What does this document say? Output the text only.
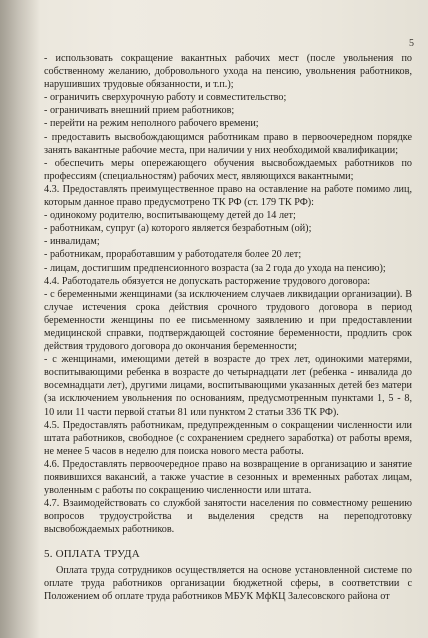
5

- использовать сокращение вакантных рабочих мест (после увольнения по собственному желанию, добровольного ухода на пенсию, увольнения работников, нарушивших трудовые обязанности, и т.п.);

- ограничить сверхурочную работу и совместительство;

- ограничивать внешний прием работников;

- перейти на режим неполного рабочего времени;

- предоставить высвобождающимся работникам право в первоочередном порядке занять вакантные рабочие места, при наличии у них необходимой квалификации;

- обеспечить меры опережающего обучения высвобождаемых работников по профессиям (специальностям) рабочих мест, являющихся вакантными;

4.3. Предоставлять преимущественное право на оставление на работе помимо лиц, которым данное право предусмотрено ТК РФ (ст. 179 ТК РФ):

- одинокому родителю, воспитывающему детей до 14 лет;

- работникам, супруг (а) которого является безработным (ой);

- инвалидам;

- работникам, проработавшим у работодателя более 20 лет;

- лицам, достигшим предпенсионного возраста (за 2 года до ухода на пенсию);

4.4. Работодатель обязуется не допускать расторжение трудового договора:

- с беременными женщинами (за исключением случаев ликвидации организации). В случае истечения срока действия срочного трудового договора в период беременности женщины по ее письменному заявлению и при предоставлении медицинской справки, подтверждающей состояние беременности, продлить срок действия трудового договора до окончания беременности;

- с женщинами, имеющими детей в возрасте до трех лет, одинокими матерями, воспитывающими ребенка в возрасте до четырнадцати лет (ребенка - инвалида до восемнадцати лет), другими лицами, воспитывающими указанных детей без матери (за исключением увольнения по основаниям, предусмотренным пунктами 1, 5 - 8, 10 или 11 части первой статьи 81 или пунктом 2 статьи 336 ТК РФ).

4.5. Предоставлять работникам, предупрежденным о сокращении численности или штата работников, свободное (с сохранением среднего заработка) от работы время, не менее 5 часов в неделю для поиска нового места работы.

4.6. Предоставлять первоочередное право на возвращение в организацию и занятие появившихся вакансий, а также участие в сезонных и временных работах лицам, уволенным с работы по сокращению численности или штата.

4.7. Взаимодействовать со службой занятости населения по совместному решению вопросов трудоустройства и выделения средств на переподготовку высвобождаемых работников.

5. ОПЛАТА ТРУДА

Оплата труда сотрудников осуществляется на основе установленной системе по оплате труда работников организации бюджетной сферы, в соответствии с Положением об оплате труда работников МБУК МфКЦ Залесовского района от
